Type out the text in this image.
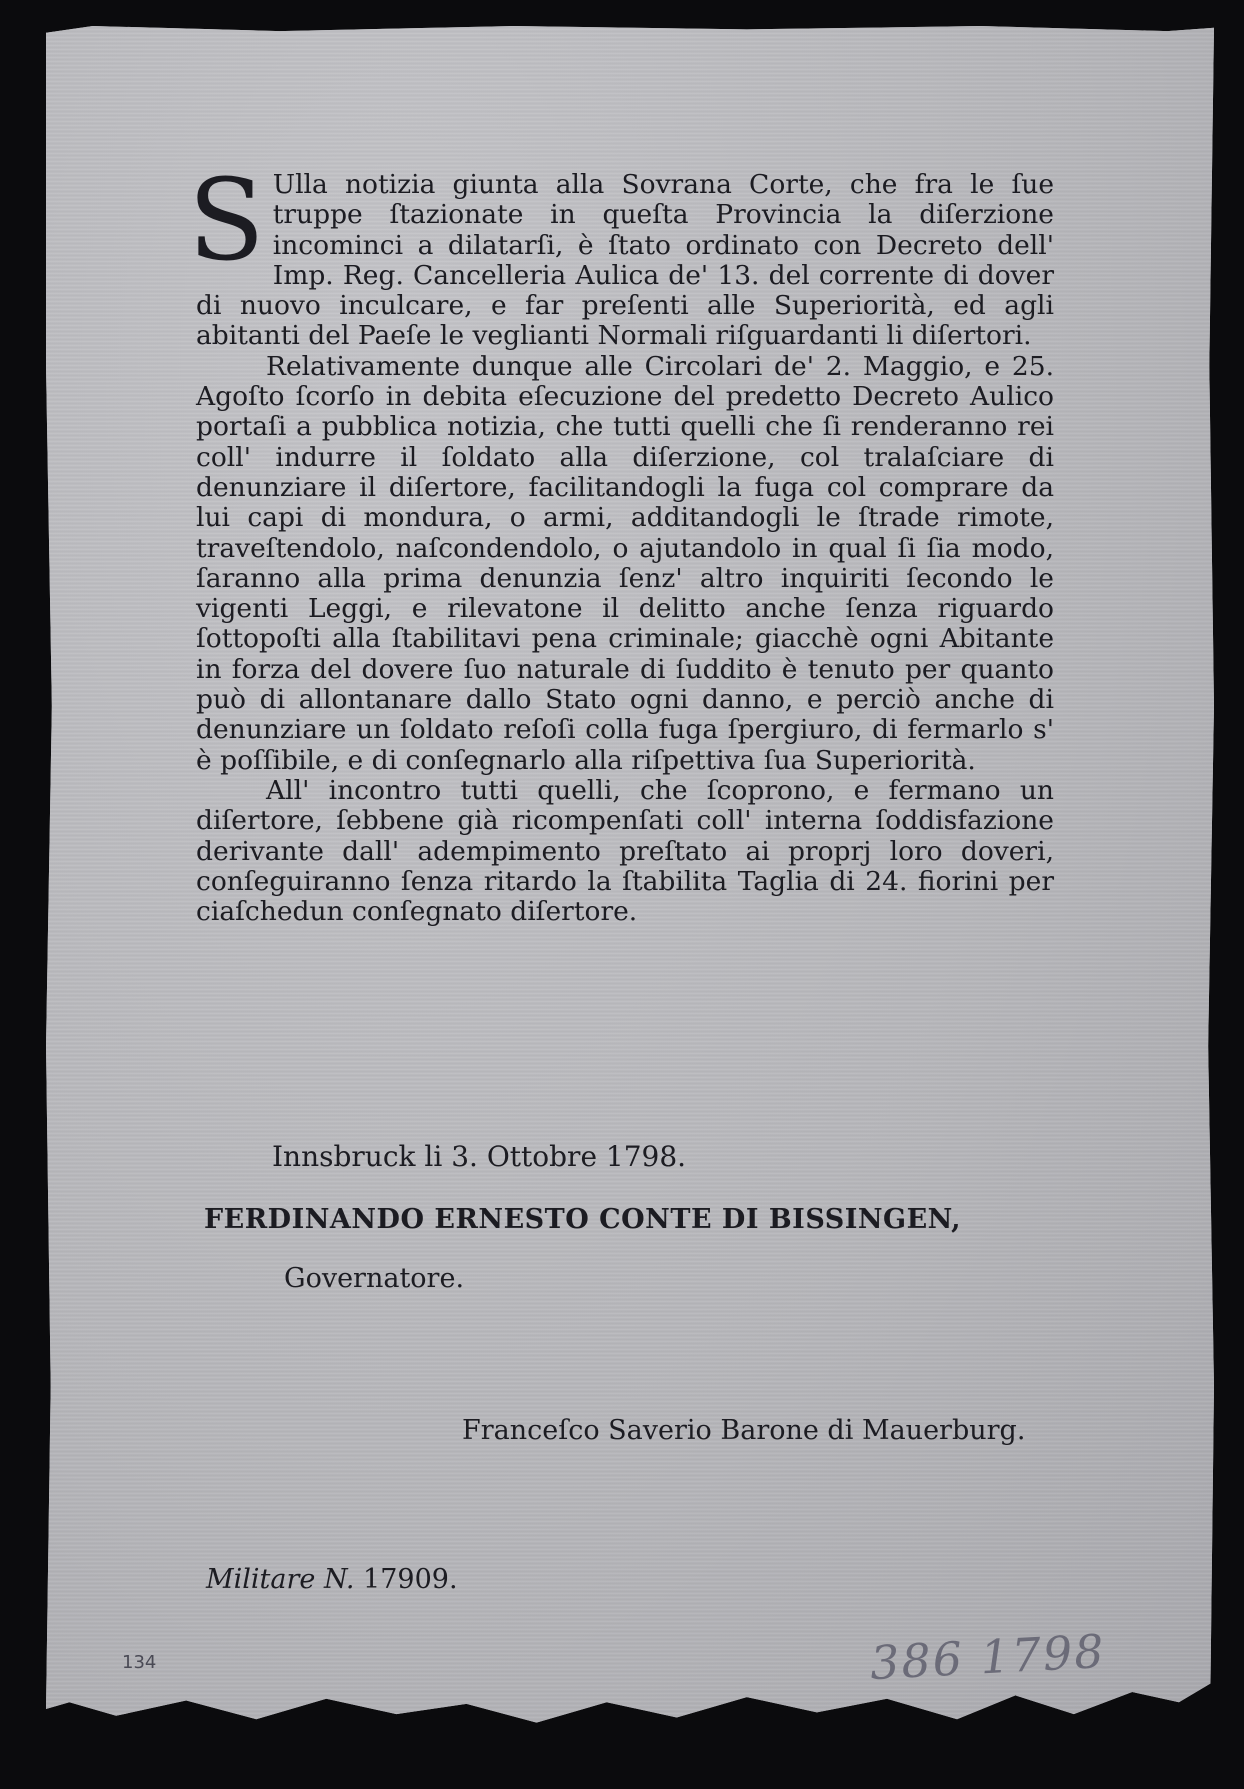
S Ulla notizia giunta alla Sovrana Corte, che fra le ſue truppe ſtazionate in queſta Provincia la diſerzione incominci a dilatarſi, è ſtato ordinato con Decreto dell' Imp. Reg. Cancelleria Aulica de' 13. del corrente di dover di nuovo inculcare, e far preſenti alle Superiorità, ed agli abitanti del Paeſe le veglianti Normali riſguardanti li diſertori.

Relativamente dunque alle Circolari de' 2. Maggio, e 25. Agoſto ſcorſo in debita eſecuzione del predetto Decreto Aulico portaſi a pubblica notizia, che tutti quelli che ſi renderanno rei coll' indurre il ſoldato alla diſerzione, col tralaſciare di denunziare il diſertore, facilitandogli la fuga col comprare da lui capi di mondura, o armi, additandogli le ſtrade rimote, traveſtendolo, naſcondendolo, o ajutandolo in qual ſi ſia modo, ſaranno alla prima denunzia ſenz' altro inquiriti ſecondo le vigenti Leggi, e rilevatone il delitto anche ſenza riguardo ſottopoſti alla ſtabilitavi pena criminale; giacchè ogni Abitante in forza del dovere ſuo naturale di ſuddito è tenuto per quanto può di allontanare dallo Stato ogni danno, e perciò anche di denunziare un ſoldato reſoſi colla fuga ſpergiuro, di fermarlo s' è poſſibile, e di conſegnarlo alla riſpettiva ſua Superiorità.

All' incontro tutti quelli, che ſcoprono, e fermano un diſertore, ſebbene già ricompenſati coll' interna ſoddisfazione derivante dall' adempimento preſtato ai proprj loro doveri, conſeguiranno ſenza ritardo la ſtabilita Taglia di 24. fiorini per ciaſchedun conſegnato diſertore.

Innsbruck li 3. Ottobre 1798.
FERDINANDO ERNESTO CONTE DI BISSINGEN,
Governatore.
Franceſco Saverio Barone di Mauerburg.
Militare N. 17909.
134	386 1798
